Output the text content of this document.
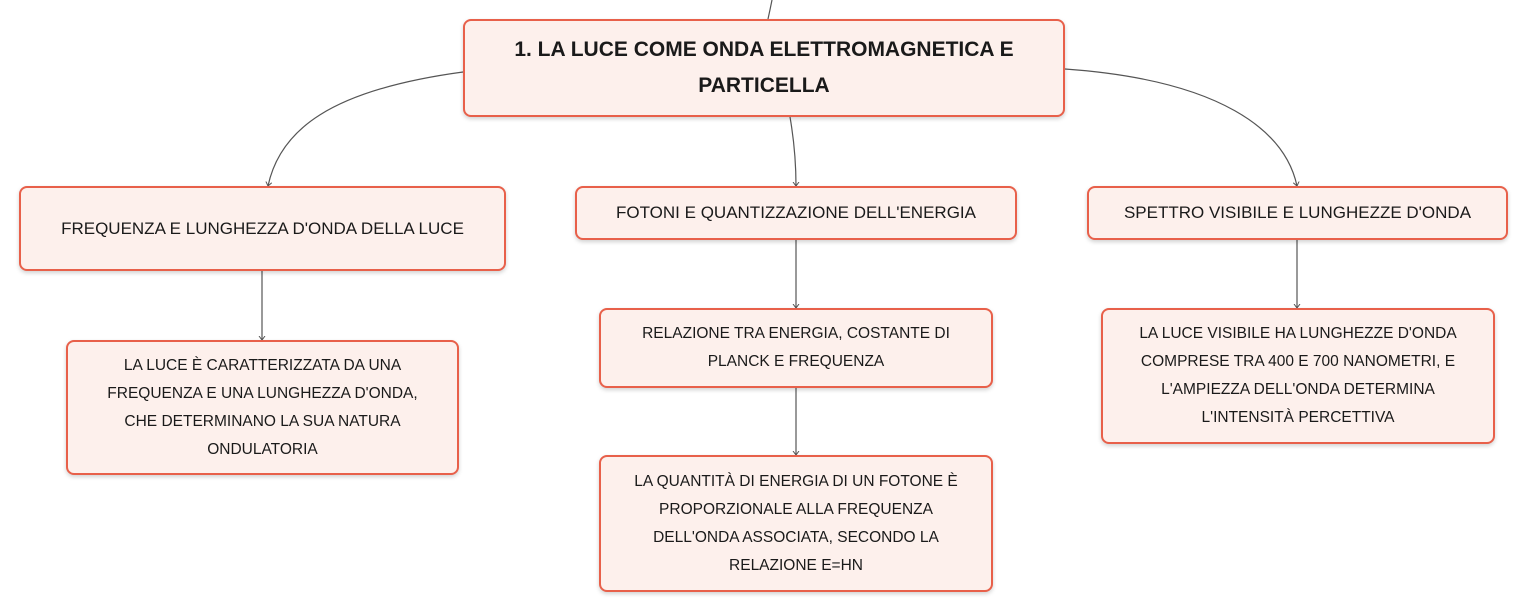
1. LA LUCE COME ONDA ELETTROMAGNETICA E
PARTICELLA
FREQUENZA E LUNGHEZZA D'ONDA DELLA LUCE
FOTONI E QUANTIZZAZIONE DELL'ENERGIA	SPETTRO VISIBILE E LUNGHEZZE D'ONDA
LA LUCE È CARATTERIZZATA DA UNA
FREQUENZA E UNA LUNGHEZZA D'ONDA,
CHE DETERMINANO LA SUA NATURA
ONDULATORIA
RELAZIONE TRA ENERGIA, COSTANTE DI
PLANCK E FREQUENZA
LA QUANTITÀ DI ENERGIA DI UN FOTONE È
PROPORZIONALE ALLA FREQUENZA
DELL'ONDA ASSOCIATA, SECONDO LA
RELAZIONE E=HN
LA LUCE VISIBILE HA LUNGHEZZE D'ONDA
COMPRESE TRA 400 E 700 NANOMETRI, E
L'AMPIEZZA DELL'ONDA DETERMINA
L'INTENSITÀ PERCETTIVA
